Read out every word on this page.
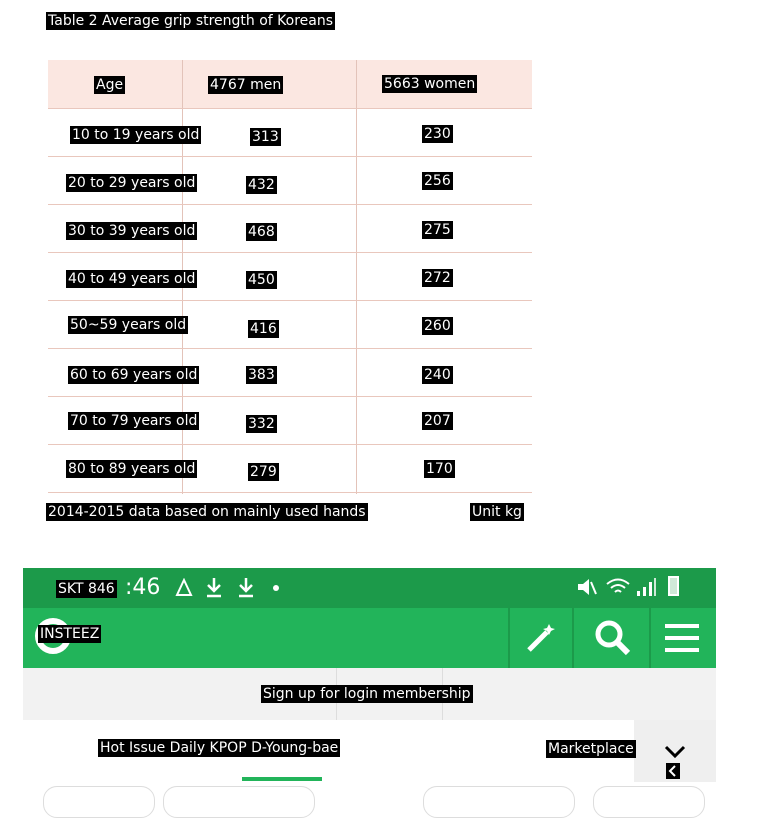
Table 2 Average grip strength of Koreans
Age	4767 men	5663 women
10 to 19 years old	313	230
20 to 29 years old	432	256
30 to 39 years old	468	275
40 to 49 years old	450	272
50~59 years old	416	260
60 to 69 years old	383	240
70 to 79 years old	332	207
80 to 89 years old	279	170
2014-2015 data based on mainly used hands	Unit kg
:46
SKT 846
INSTEEZ
Sign up for login membership
Hot Issue Daily KPOP D-Young-bae	Marketplace
